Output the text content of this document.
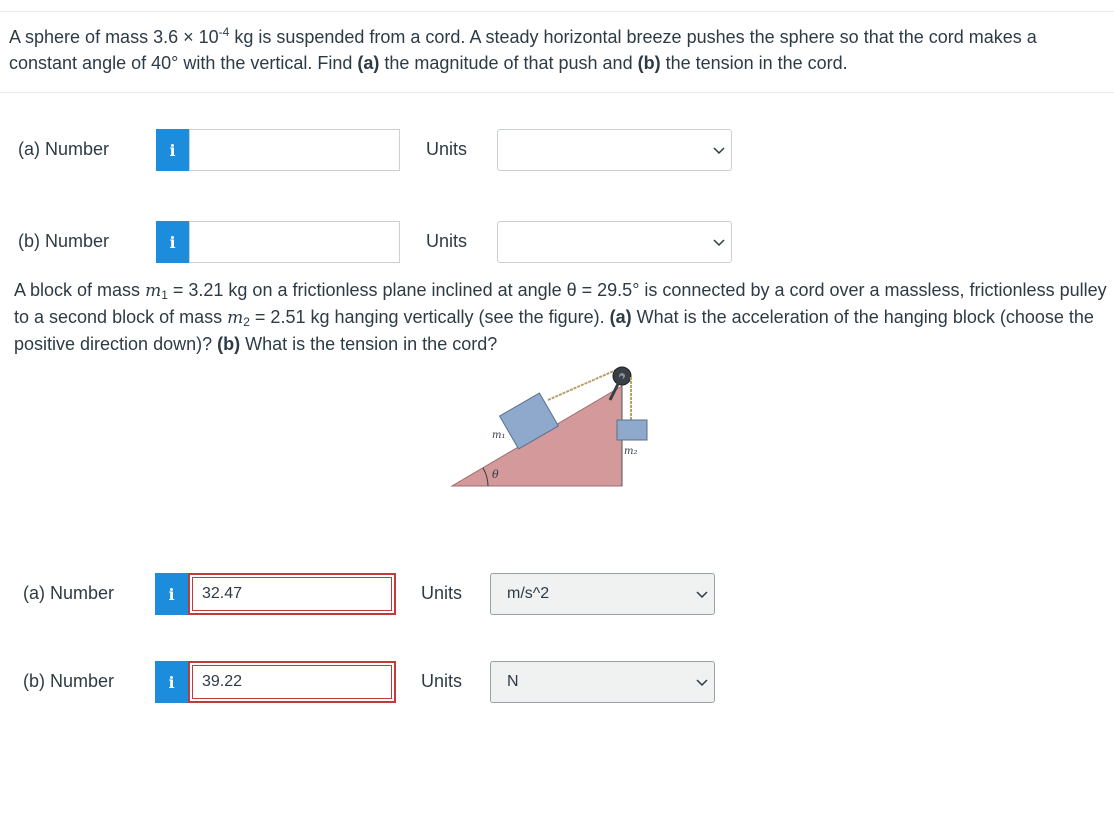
A sphere of mass $3.6 \times 10^{-4}$ kg is suspended from a cord. A steady horizontal breeze pushes the sphere so that the cord makes a constant angle of 40° with the vertical. Find (a) the magnitude of that push and (b) the tension in the cord.
(a) Number	i	Units
(b) Number	i	Units
A block of mass $m_1 = 3.21$ kg on a frictionless plane inclined at angle θ = 29.5° is connected by a cord over a massless, frictionless pulley to a second block of mass $m_2 = 2.51$ kg hanging vertically (see the figure). (a) What is the acceleration of the hanging block (choose the positive direction down)? (b) What is the tension in the cord?
m₁
m₂
θ
(a) Number	i	32.47	Units	m/s^2
(b) Number	i	39.22	Units	N
